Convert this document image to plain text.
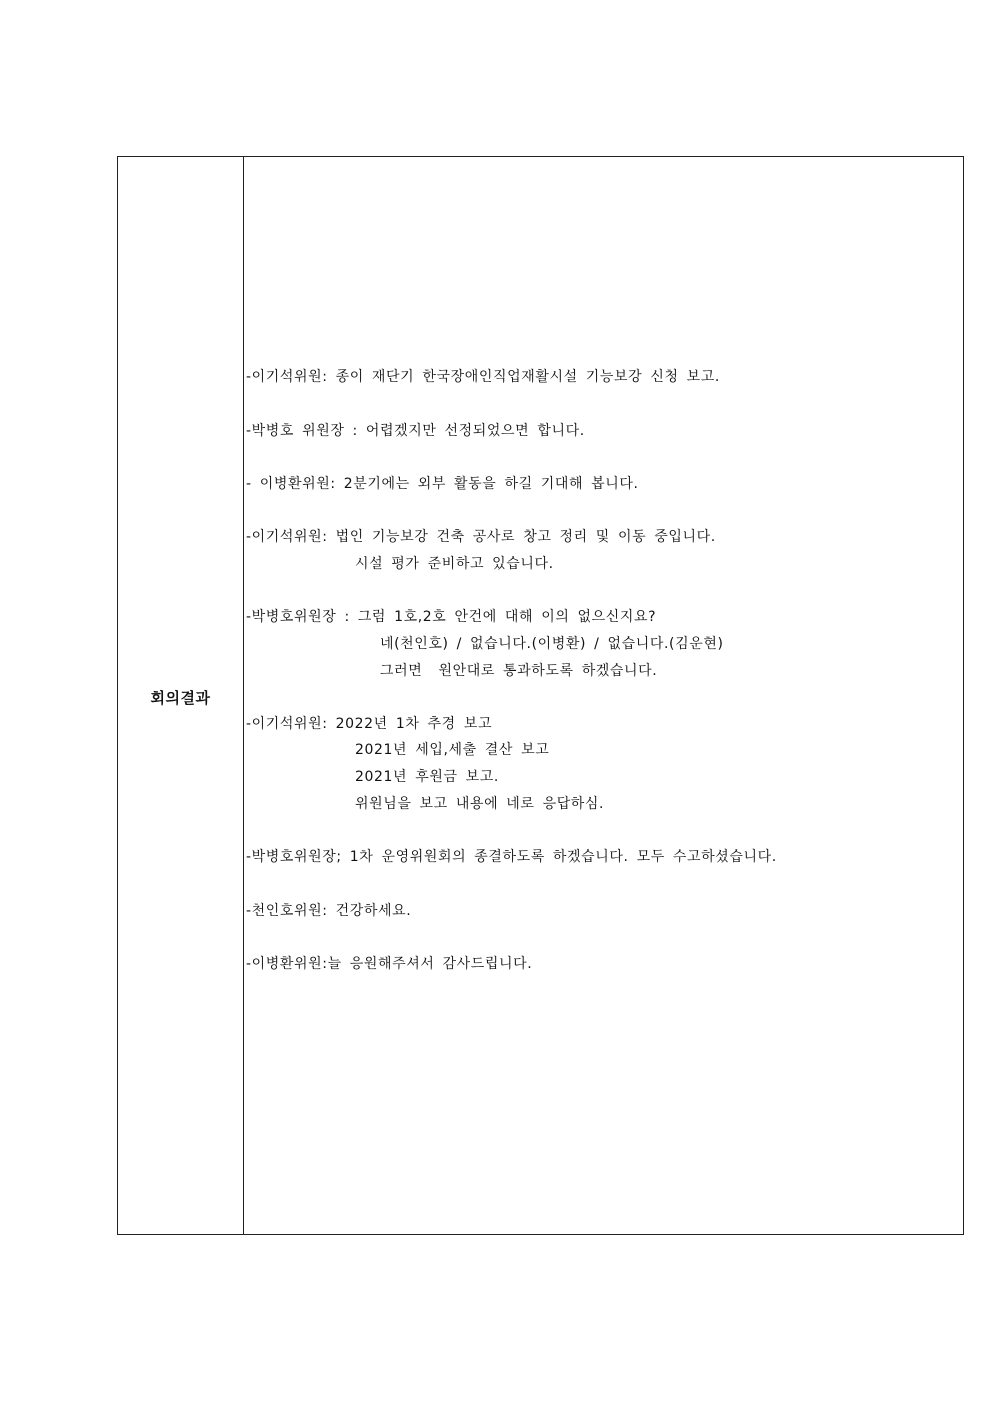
회의결과
-이기석위원: 종이 재단기 한국장애인직업재활시설 기능보강 신청 보고.
-박병호 위원장 : 어렵겠지만 선정되었으면 합니다.
- 이병환위원: 2분기에는 외부 활동을 하길 기대해 봅니다.
-이기석위원: 법인 기능보강 건축 공사로 창고 정리 및 이동 중입니다.
시설 평가 준비하고 있습니다.
-박병호위원장 : 그럼 1호,2호 안건에 대해 이의 없으신지요?
네(천인호) / 없습니다.(이병환) / 없습니다.(김운현)
그러면  원안대로 통과하도록 하겠습니다.
-이기석위원: 2022년 1차 추경 보고
2021년 세입,세출 결산 보고
2021년 후원금 보고.
위원님을 보고 내용에 네로 응답하심.
-박병호위원장; 1차 운영위원회의 종결하도록 하겠습니다. 모두 수고하셨습니다.
-천인호위원: 건강하세요.
-이병환위원:늘 응원해주셔서 감사드립니다.
